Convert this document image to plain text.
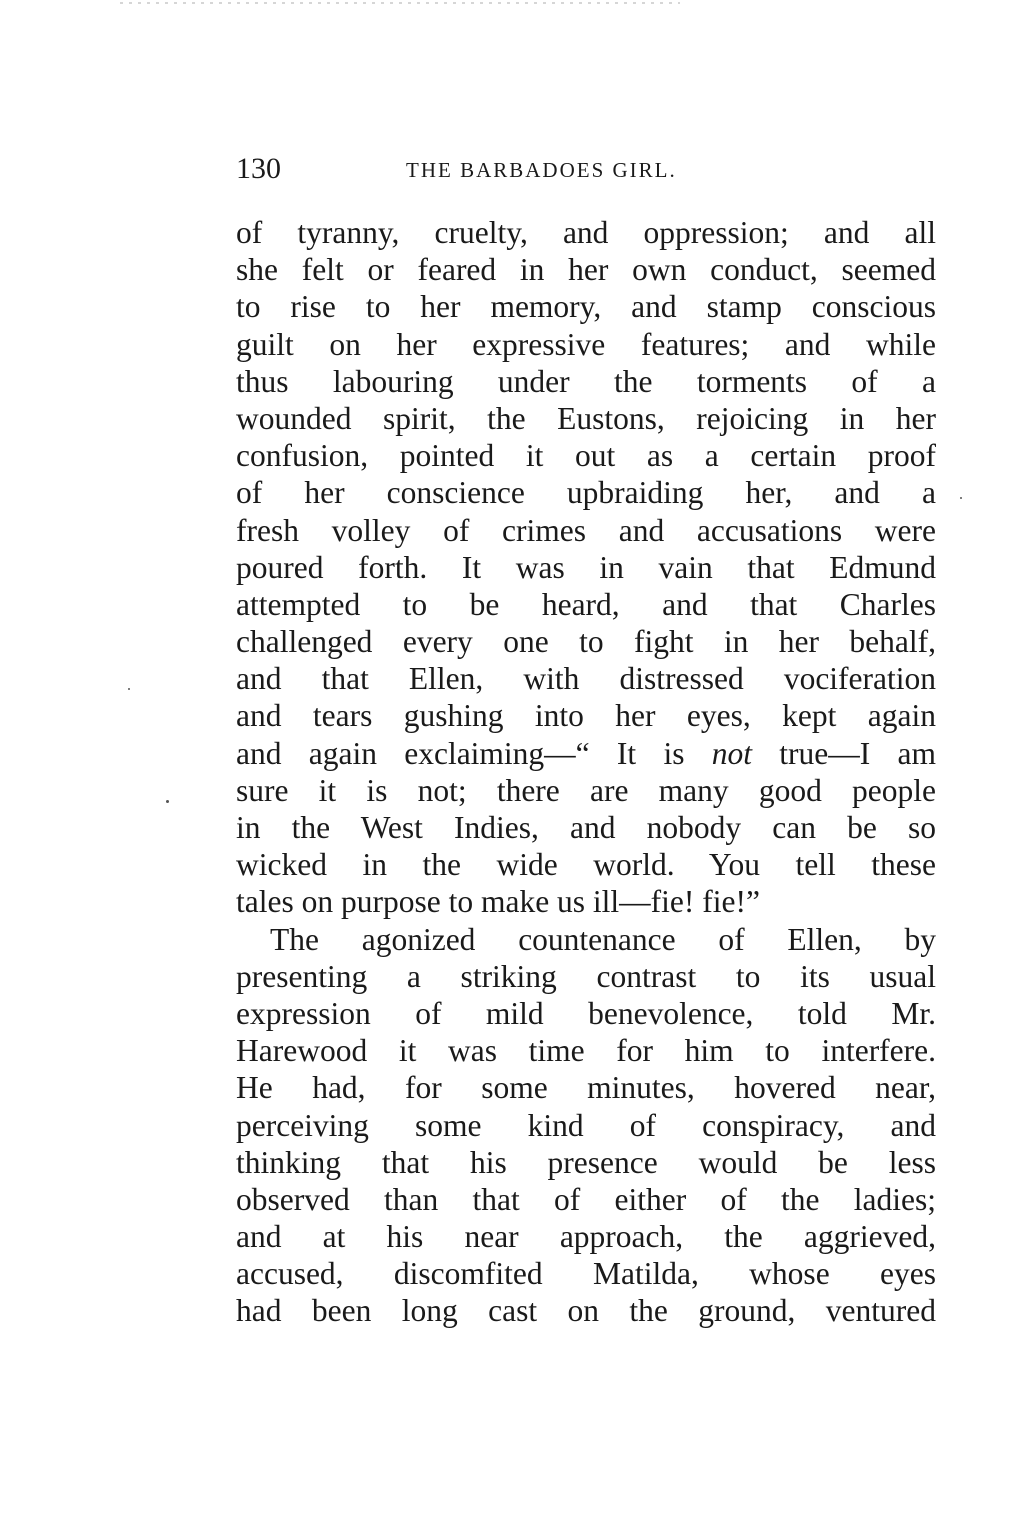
130	THE BARBADOES GIRL.
of tyranny, cruelty, and oppression; and all
she felt or feared in her own conduct, seemed
to rise to her memory, and stamp conscious
guilt on her expressive features; and while
thus labouring under the torments of a
wounded spirit, the Eustons, rejoicing in her
confusion, pointed it out as a certain proof
of her conscience upbraiding her, and a
fresh volley of crimes and accusations were
poured forth. It was in vain that Edmund
attempted to be heard, and that Charles
challenged every one to fight in her behalf,
and that Ellen, with distressed vociferation
and tears gushing into her eyes, kept again
and again exclaiming—“ It is not true—I am
sure it is not; there are many good people
in the West Indies, and nobody can be so
wicked in the wide world. You tell these
tales on purpose to make us ill—fie! fie!”
The agonized countenance of Ellen, by
presenting a striking contrast to its usual
expression of mild benevolence, told Mr.
Harewood it was time for him to interfere.
He had, for some minutes, hovered near,
perceiving some kind of conspiracy, and
thinking that his presence would be less
observed than that of either of the ladies;
and at his near approach, the aggrieved,
accused, discomfited Matilda, whose eyes
had been long cast on the ground, ventured
